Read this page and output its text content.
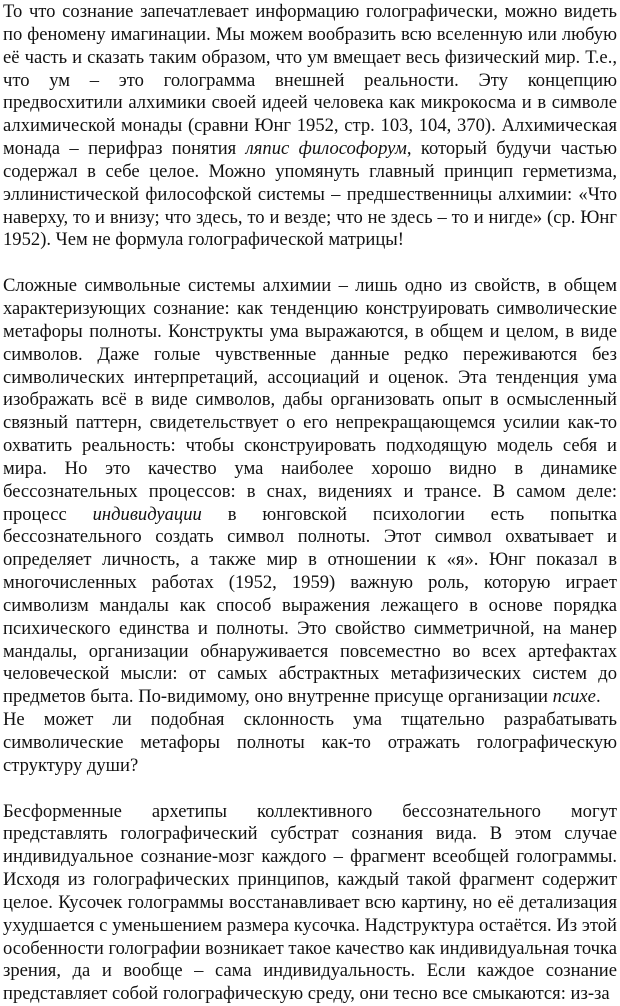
То что сознание запечатлевает информацию голографически, можно видеть по феномену имагинации. Мы можем вообразить всю вселенную или любую её часть и сказать таким образом, что ум вмещает весь физический мир. Т.е., что ум – это голограмма внешней реальности. Эту концепцию предвосхитили алхимики своей идеей человека как микрокосма и в символе алхимической монады (сравни Юнг 1952, стр. 103, 104, 370). Алхимическая монада – перифраз понятия ляпис философорум, который будучи частью содержал в себе целое. Можно упомянуть главный принцип герметизма, эллинистической философской системы – предшественницы алхимии: «Что наверху, то и внизу; что здесь, то и везде; что не здесь – то и нигде» (ср. Юнг 1952). Чем не формула голографической матрицы!

Сложные символьные системы алхимии – лишь одно из свойств, в общем характеризующих сознание: как тенденцию конструировать символические метафоры полноты. Конструкты ума выражаются, в общем и целом, в виде символов. Даже голые чувственные данные редко переживаются без символических интерпретаций, ассоциаций и оценок. Эта тенденция ума изображать всё в виде символов, дабы организовать опыт в осмысленный связный паттерн, свидетельствует о его непрекращающемся усилии как-то охватить реальность: чтобы сконструировать подходящую модель себя и мира. Но это качество ума наиболее хорошо видно в динамике бессознательных процессов: в снах, видениях и трансе. В самом деле: процесс индивидуации в юнговской психологии есть попытка бессознательного создать символ полноты. Этот символ охватывает и определяет личность, а также мир в отношении к «я». Юнг показал в многочисленных работах (1952, 1959) важную роль, которую играет символизм мандалы как способ выражения лежащего в основе порядка психического единства и полноты. Это свойство симметричной, на манер мандалы, организации обнаруживается повсеместно во всех артефактах человеческой мысли: от самых абстрактных метафизических систем до предметов быта. По-видимому, оно внутренне присуще организации психе.

Не может ли подобная склонность ума тщательно разрабатывать символические метафоры полноты как-то отражать голографическую структуру души?

Бесформенные архетипы коллективного бессознательного могут представлять голографический субстрат сознания вида. В этом случае индивидуальное сознание-мозг каждого – фрагмент всеобщей голограммы. Исходя из голографических принципов, каждый такой фрагмент содержит целое. Кусочек голограммы восстанавливает всю картину, но её детализация ухудшается с уменьшением размера кусочка. Надструктура остаётся. Из этой особенности голографии возникает такое качество как индивидуальная точка зрения, да и вообще – сама индивидуальность. Если каждое сознание представляет собой голографическую среду, они тесно все смыкаются: из-за
